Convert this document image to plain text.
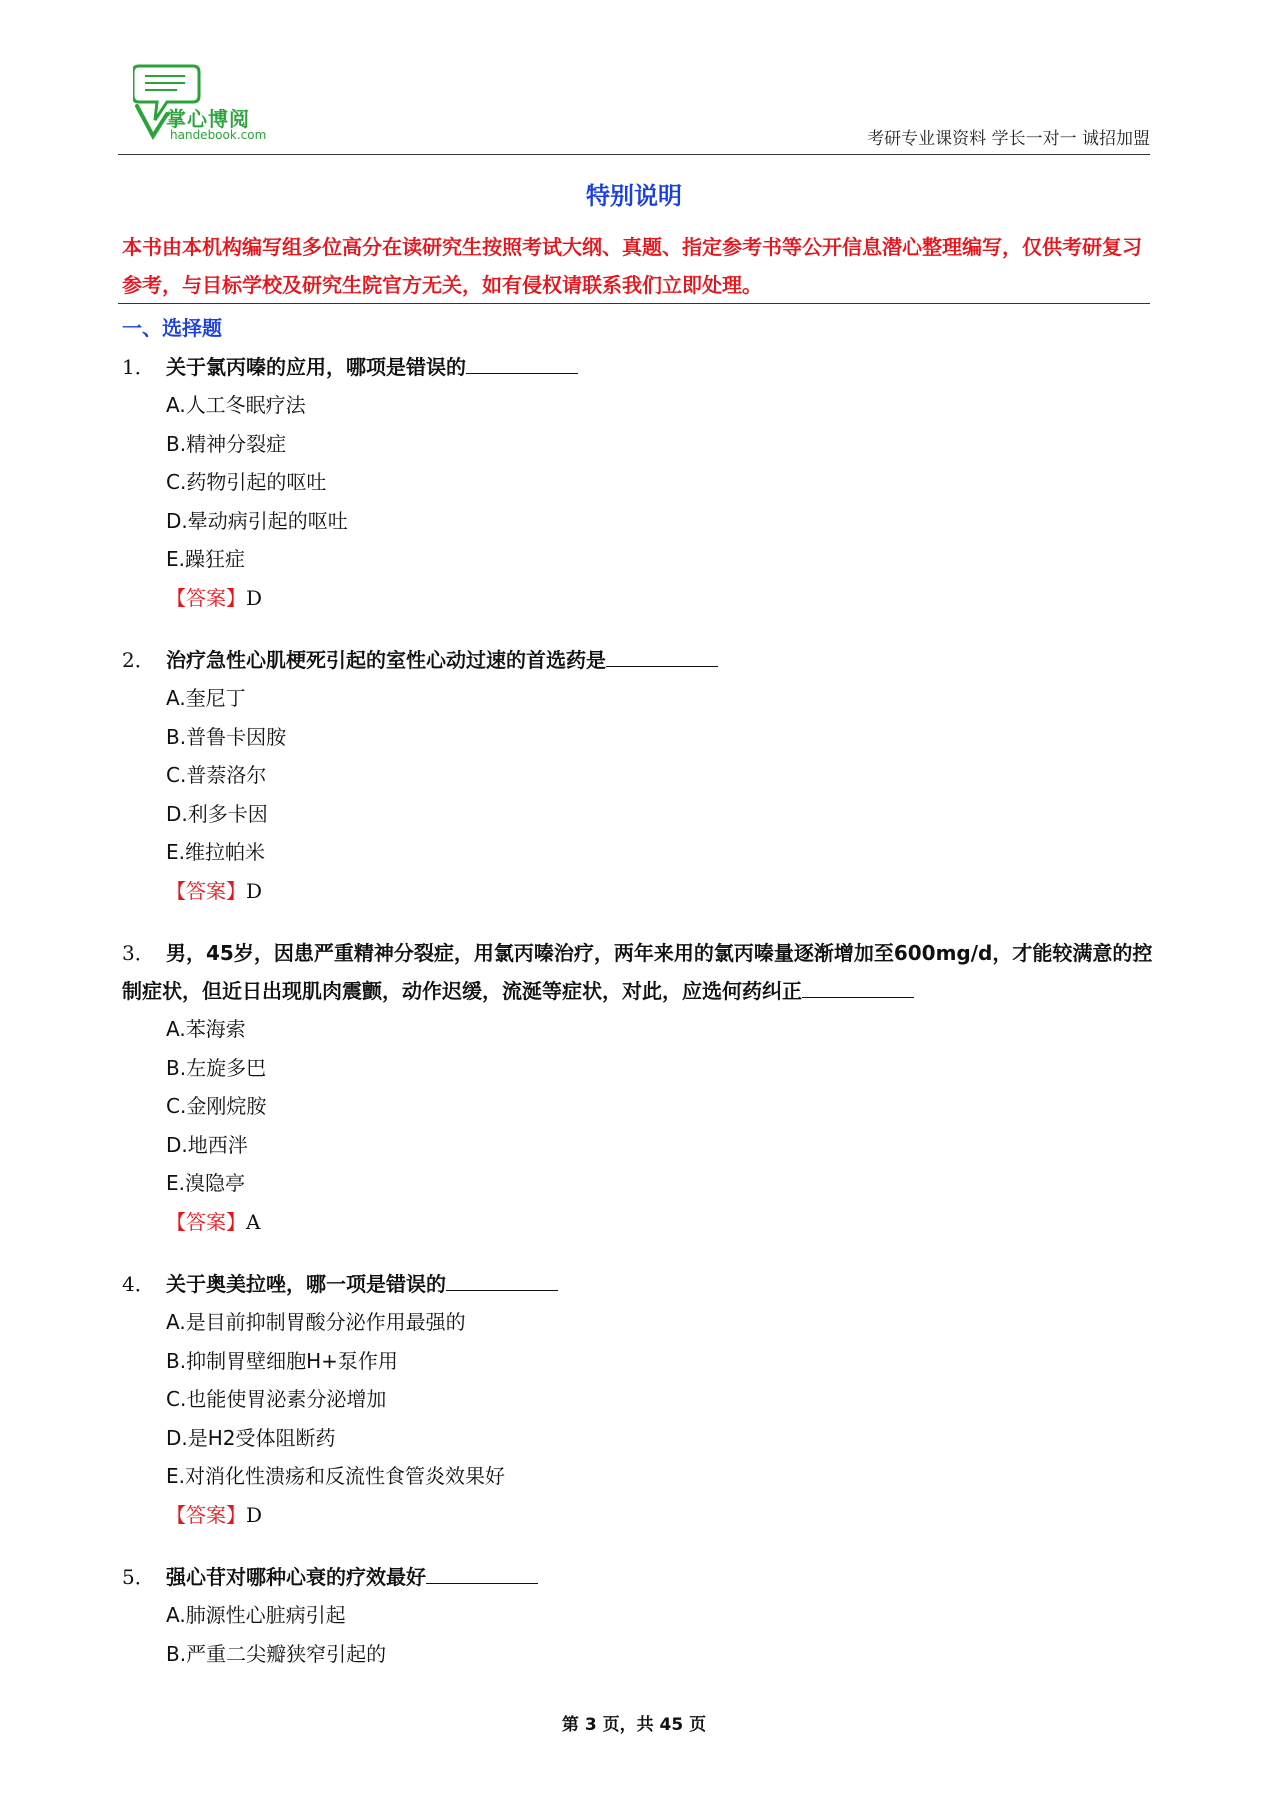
掌心博阅
handebook.com	考研专业课资料 学长一对一 诚招加盟
特别说明
本书由本机构编写组多位高分在读研究生按照考试大纲、真题、指定参考书等公开信息潜心整理编写，仅供考研复习参考，与目标学校及研究生院官方无关，如有侵权请联系我们立即处理。
一、选择题
1． 关于氯丙嗪的应用，哪项是错误的
A.人工冬眠疗法
B.精神分裂症
C.药物引起的呕吐
D.晕动病引起的呕吐
E.躁狂症
【答案】D
2． 治疗急性心肌梗死引起的室性心动过速的首选药是
A.奎尼丁
B.普鲁卡因胺
C.普萘洛尔
D.利多卡因
E.维拉帕米
【答案】D
3． 男，45岁，因患严重精神分裂症，用氯丙嗪治疗，两年来用的氯丙嗪量逐渐增加至600mg/d，才能较满意的控制症状，但近日出现肌肉震颤，动作迟缓，流涎等症状，对此，应选何药纠正
A.苯海索
B.左旋多巴
C.金刚烷胺
D.地西泮
E.溴隐亭
【答案】A
4． 关于奥美拉唑，哪一项是错误的
A.是目前抑制胃酸分泌作用最强的
B.抑制胃壁细胞H+泵作用
C.也能使胃泌素分泌增加
D.是H2受体阻断药
E.对消化性溃疡和反流性食管炎效果好
【答案】D
5． 强心苷对哪种心衰的疗效最好
A.肺源性心脏病引起
B.严重二尖瓣狭窄引起的
第 3 页，共 45 页
